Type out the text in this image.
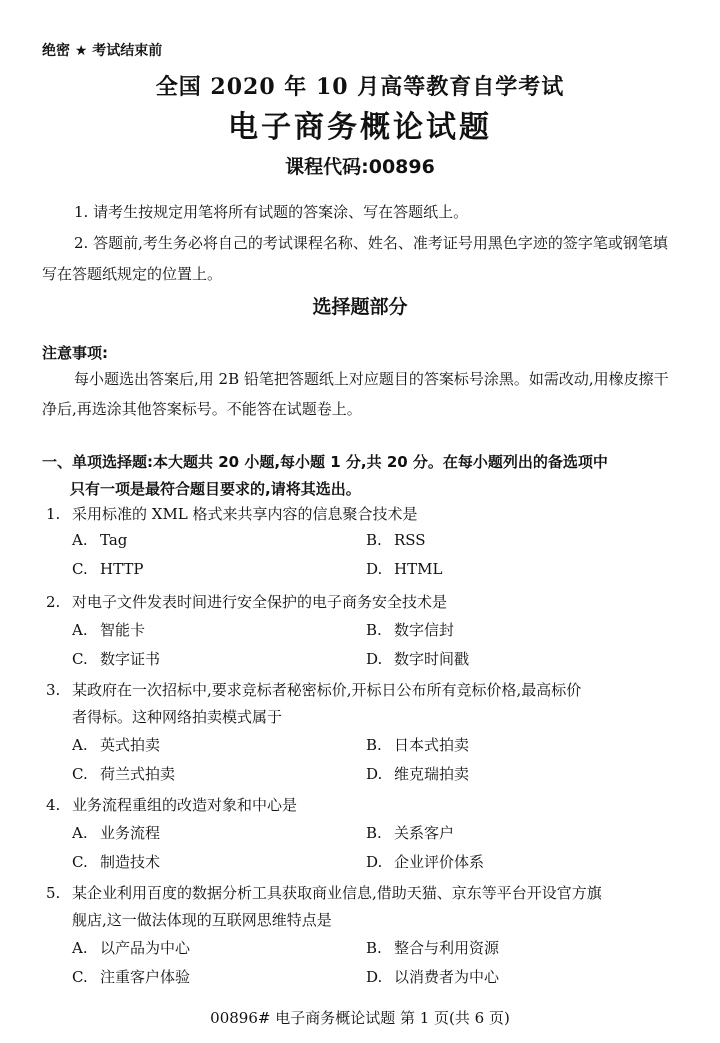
绝密 ★ 考试结束前
全国 2020 年 10 月高等教育自学考试
电子商务概论试题
课程代码:00896
1. 请考生按规定用笔将所有试题的答案涂、写在答题纸上。
2. 答题前,考生务必将自己的考试课程名称、姓名、准考证号用黑色字迹的签字笔或钢笔填写在答题纸规定的位置上。
选择题部分
注意事项:
每小题选出答案后,用 2B 铅笔把答题纸上对应题目的答案标号涂黑。如需改动,用橡皮擦干净后,再选涂其他答案标号。不能答在试题卷上。
一、单项选择题:本大题共 20 小题,每小题 1 分,共 20 分。在每小题列出的备选项中
只有一项是最符合题目要求的,请将其选出。
1. 采用标准的 XML 格式来共享内容的信息聚合技术是
A. Tag	B. RSS
C. HTTP	D. HTML
2. 对电子文件发表时间进行安全保护的电子商务安全技术是
A. 智能卡	B. 数字信封
C. 数字证书	D. 数字时间戳
3. 某政府在一次招标中,要求竞标者秘密标价,开标日公布所有竞标价格,最高标价
者得标。这种网络拍卖模式属于
A. 英式拍卖	B. 日本式拍卖
C. 荷兰式拍卖	D. 维克瑞拍卖
4. 业务流程重组的改造对象和中心是
A. 业务流程	B. 关系客户
C. 制造技术	D. 企业评价体系
5. 某企业利用百度的数据分析工具获取商业信息,借助天猫、京东等平台开设官方旗
舰店,这一做法体现的互联网思维特点是
A. 以产品为中心	B. 整合与利用资源
C. 注重客户体验	D. 以消费者为中心
00896# 电子商务概论试题 第 1 页(共 6 页)
